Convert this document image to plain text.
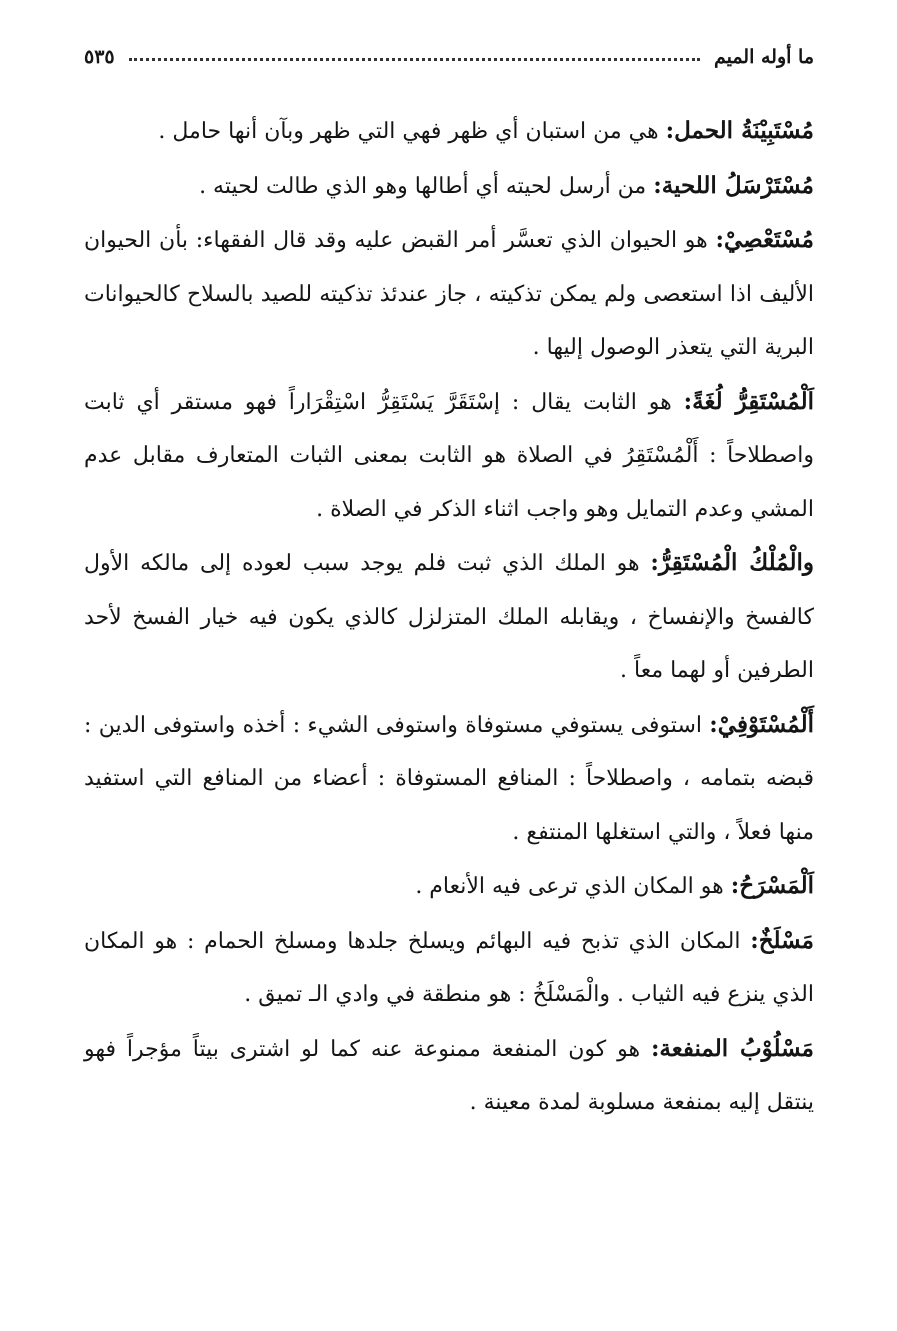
ما أوله الميم
٥٣٥

مُسْتَبِيْنَةُ الحمل: هي من استبان أي ظهر فهي التي ظهر وبآن أنها حامل .

مُسْتَرْسَلُ اللحية: من أرسل لحيته أي أطالها وهو الذي طالت لحيته .

مُسْتَعْصِيْ: هو الحيوان الذي تعسَّر أمر القبض عليه وقد قال الفقهاء: بأن الحيوان الأليف اذا استعصى ولم يمكن تذكيته ، جاز عندئذ تذكيته للصيد بالسلاح كالحيوانات البرية التي يتعذر الوصول إليها .

اَلْمُسْتَقِرُّ لُغَةً: هو الثابت يقال : إسْتَقَرَّ يَسْتَقِرُّ اسْتِقْرَاراً فهو مستقر أي ثابت واصطلاحاً : أَلْمُسْتَقِرُ في الصلاة هو الثابت بمعنى الثبات المتعارف مقابل عدم المشي وعدم التمايل وهو واجب اثناء الذكر في الصلاة .

والْمُلْكُ الْمُسْتَقِرُّ: هو الملك الذي ثبت فلم يوجد سبب لعوده إلى مالكه الأول كالفسخ والإنفساخ ، ويقابله الملك المتزلزل كالذي يكون فيه خيار الفسخ لأحد الطرفين أو لهما معاً .

أَلْمُسْتَوْفِيْ: استوفى يستوفي مستوفاة واستوفى الشيء : أخذه واستوفى الدين : قبضه بتمامه ، واصطلاحاً : المنافع المستوفاة : أعضاء من المنافع التي استفيد منها فعلاً ، والتي استغلها المنتفع .

اَلْمَسْرَحُ: هو المكان الذي ترعى فيه الأنعام .

مَسْلَخٌ: المكان الذي تذبح فيه البهائم ويسلخ جلدها ومسلخ الحمام : هو المكان الذي ينزع فيه الثياب . والْمَسْلَخُ : هو منطقة في وادي الـ تميق .

مَسْلُوْبُ المنفعة: هو كون المنفعة ممنوعة عنه كما لو اشترى بيتاً مؤجراً فهو ينتقل إليه بمنفعة مسلوبة لمدة معينة .
